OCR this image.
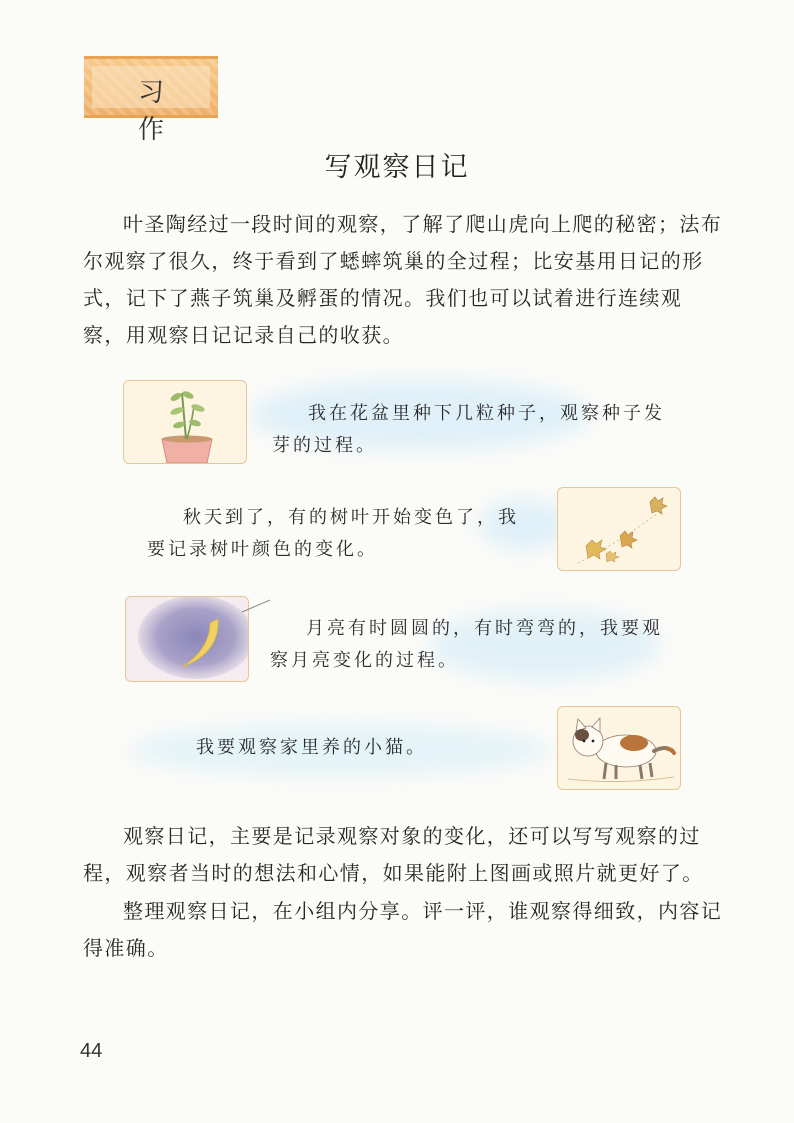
习 作
写观察日记

叶圣陶经过一段时间的观察，了解了爬山虎向上爬的秘密；法布尔观察了很久，终于看到了蟋蟀筑巢的全过程；比安基用日记的形式，记下了燕子筑巢及孵蛋的情况。我们也可以试着进行连续观察，用观察日记记录自己的收获。

我在花盆里种下几粒种子，观察种子发芽的过程。
秋天到了，有的树叶开始变色了，我要记录树叶颜色的变化。
月亮有时圆圆的，有时弯弯的，我要观察月亮变化的过程。
我要观察家里养的小猫。

观察日记，主要是记录观察对象的变化，还可以写写观察的过程，观察者当时的想法和心情，如果能附上图画或照片就更好了。

整理观察日记，在小组内分享。评一评，谁观察得细致，内容记得准确。

44
